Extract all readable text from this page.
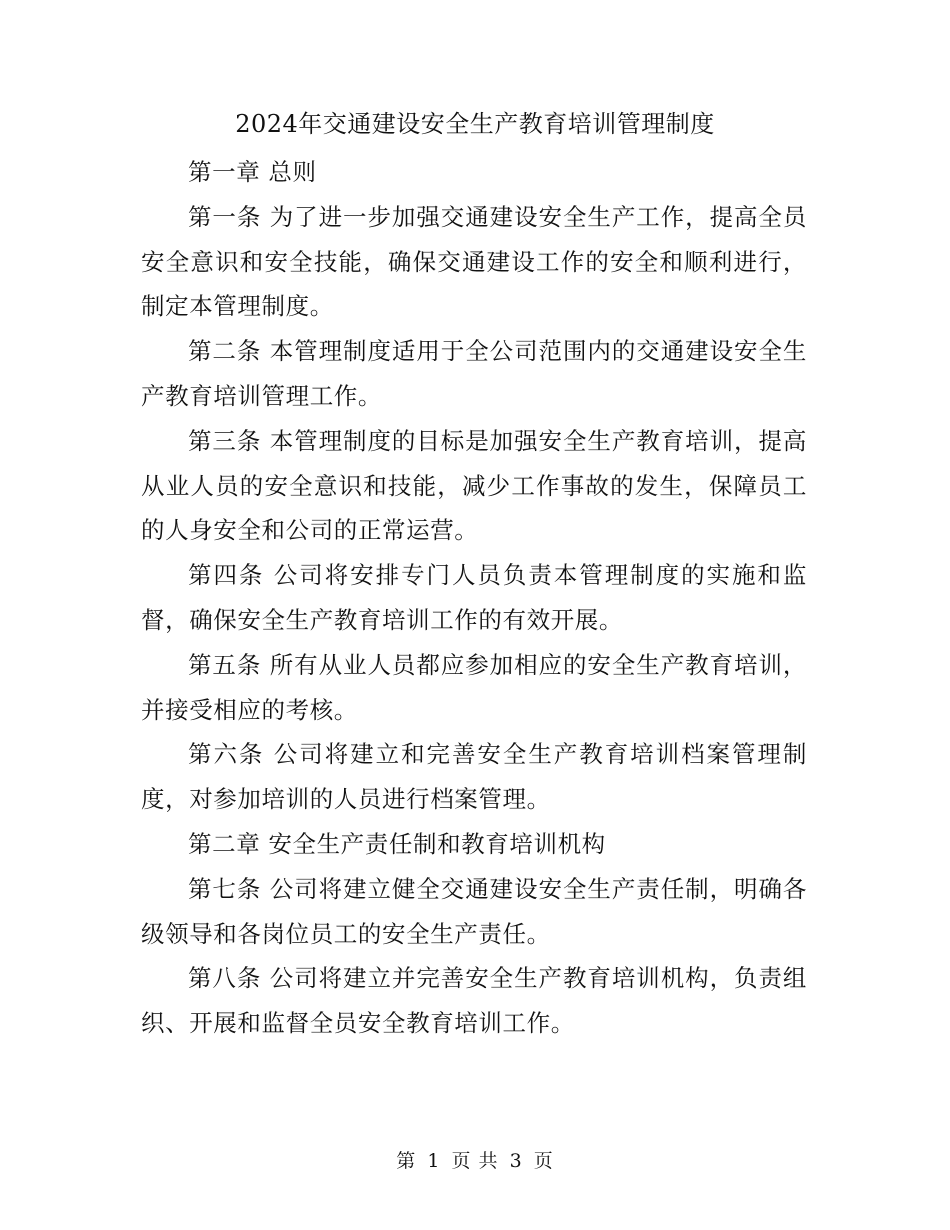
2024年交通建设安全生产教育培训管理制度

第一章 总则

第一条 为了进一步加强交通建设安全生产工作，提高全员安全意识和安全技能，确保交通建设工作的安全和顺利进行，制定本管理制度。

第二条 本管理制度适用于全公司范围内的交通建设安全生产教育培训管理工作。

第三条 本管理制度的目标是加强安全生产教育培训，提高从业人员的安全意识和技能，减少工作事故的发生，保障员工的人身安全和公司的正常运营。

第四条 公司将安排专门人员负责本管理制度的实施和监督，确保安全生产教育培训工作的有效开展。

第五条 所有从业人员都应参加相应的安全生产教育培训，并接受相应的考核。

第六条 公司将建立和完善安全生产教育培训档案管理制度，对参加培训的人员进行档案管理。

第二章 安全生产责任制和教育培训机构

第七条 公司将建立健全交通建设安全生产责任制，明确各级领导和各岗位员工的安全生产责任。

第八条 公司将建立并完善安全生产教育培训机构，负责组织、开展和监督全员安全教育培训工作。

第 1 页 共 3 页
